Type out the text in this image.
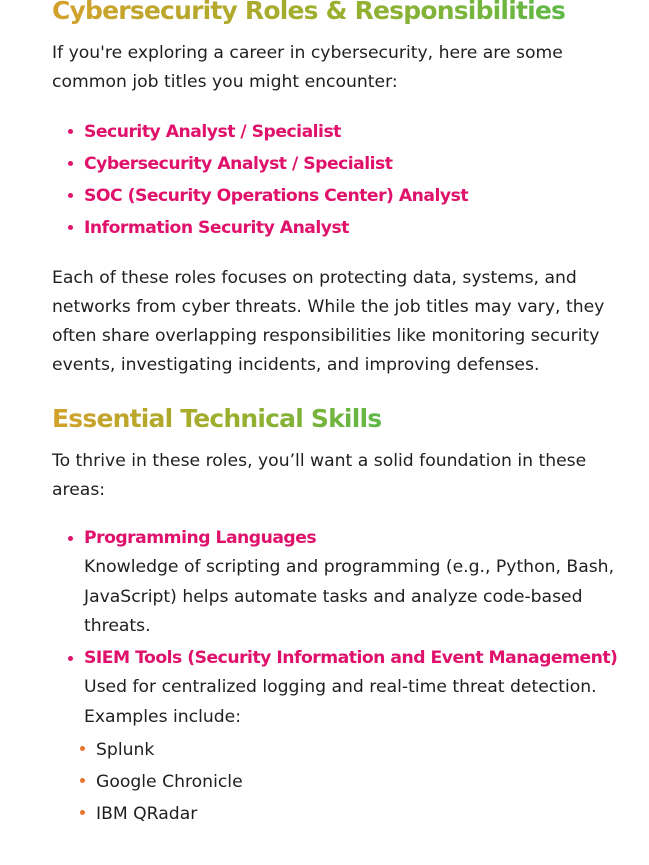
Cybersecurity Roles & Responsibilities

If you're exploring a career in cybersecurity, here are some common job titles you might encounter:

Security Analyst / Specialist
Cybersecurity Analyst / Specialist
SOC (Security Operations Center) Analyst
Information Security Analyst

Each of these roles focuses on protecting data, systems, and networks from cyber threats. While the job titles may vary, they often share overlapping responsibilities like monitoring security events, investigating incidents, and improving defenses.

Essential Technical Skills

To thrive in these roles, you’ll want a solid foundation in these areas:

Programming Languages
Knowledge of scripting and programming (e.g., Python, Bash, JavaScript) helps automate tasks and analyze code-based threats.
SIEM Tools (Security Information and Event Management)
Used for centralized logging and real-time threat detection. Examples include:
Splunk
Google Chronicle
IBM QRadar
